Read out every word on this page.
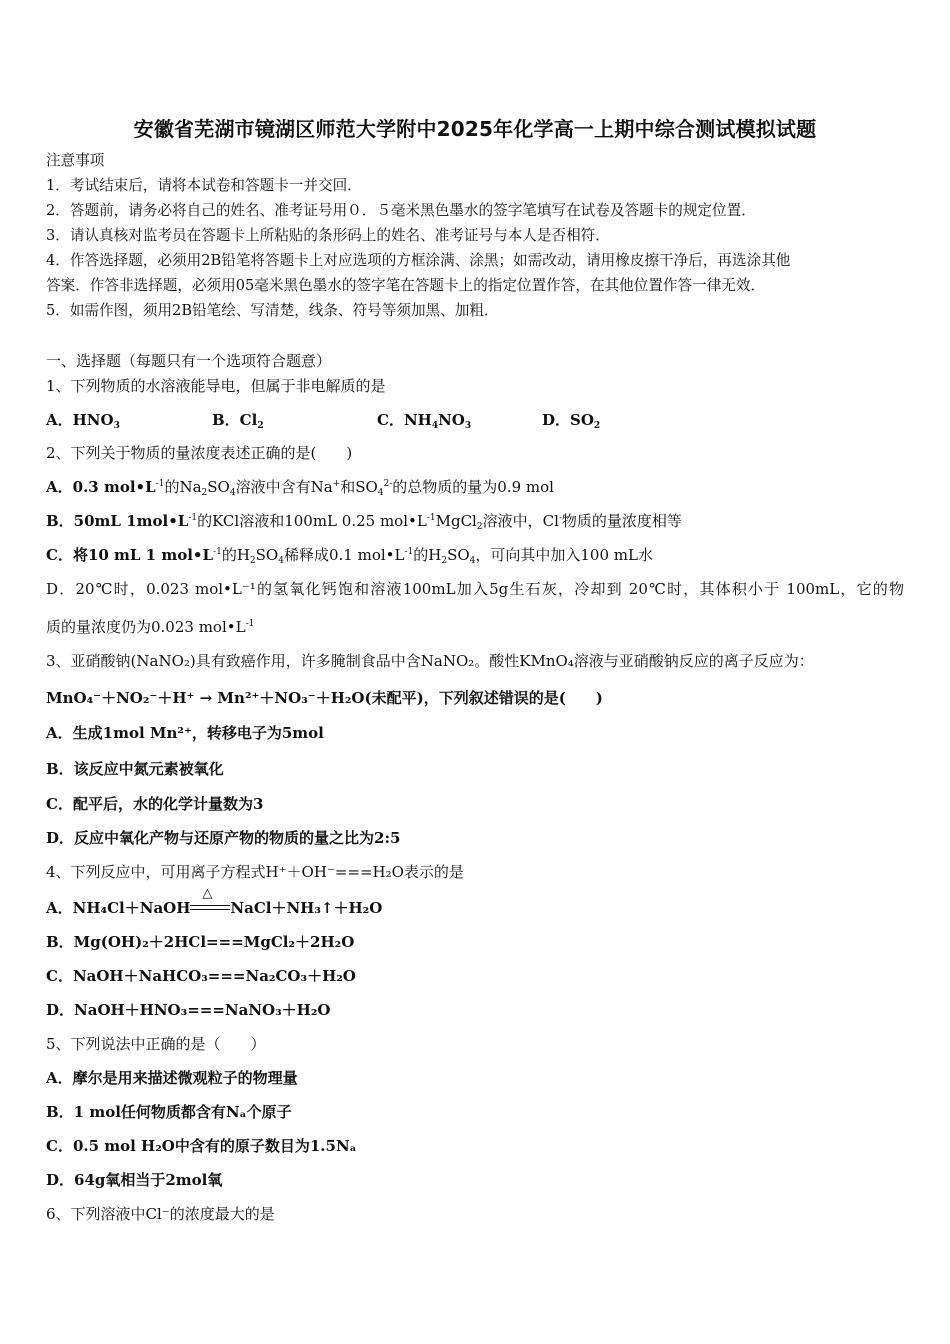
安徽省芜湖市镜湖区师范大学附中2025年化学高一上期中综合测试模拟试题
注意事项
1．考试结束后，请将本试卷和答题卡一并交回．
2．答题前，请务必将自己的姓名、准考证号用０．５毫米黑色墨水的签字笔填写在试卷及答题卡的规定位置．
3．请认真核对监考员在答题卡上所粘贴的条形码上的姓名、准考证号与本人是否相符．
4．作答选择题，必须用2B铅笔将答题卡上对应选项的方框涂满、涂黑；如需改动，请用橡皮擦干净后，再选涂其他
答案．作答非选择题，必须用05毫米黑色墨水的签字笔在答题卡上的指定位置作答，在其他位置作答一律无效．
5．如需作图，须用2B铅笔绘、写清楚，线条、符号等须加黑、加粗．
一、选择题（每题只有一个选项符合题意）
1、下列物质的水溶液能导电，但属于非电解质的是
A．$HNO_3$	B．$Cl_2$	C．$NH_4NO_3$	D．$SO_2$
2、下列关于物质的量浓度表述正确的是(　　)
A．0.3 $mol•L^{-1}$的$Na_2SO_4$溶液中含有Na+和$SO_4^{2-}$的总物质的量为0.9 mol
B．50mL $1mol•L^{-1}$的KCl溶液和100mL 0.25 $mol•L^{-1}MgCl_2$溶液中，Cl-物质的量浓度相等
C．将10 mL 1 $mol•L^{-1}$的$H_2SO_4$稀释成0.1 $mol•L^{-1}$的$H_2SO_4$，可向其中加入100 mL水
D．20℃时，0.023 mol•L⁻¹的氢氧化钙饱和溶液100mL加入5g生石灰，冷却到 20℃时，其体积小于 100mL，它的物
质的量浓度仍为0.023 $mol•L^{-1}$
3、亚硝酸钠(NaNO₂)具有致癌作用，许多腌制食品中含NaNO₂。酸性KMnO₄溶液与亚硝酸钠反应的离子反应为：
MnO₄⁻＋NO₂⁻＋H⁺ → Mn²⁺＋NO₃⁻＋H₂O(未配平)，下列叙述错误的是(　　)
A．生成1mol Mn²⁺，转移电子为5mol
B．该反应中氮元素被氧化
C．配平后，水的化学计量数为3
D．反应中氧化产物与还原产物的物质的量之比为2:5
4、下列反应中，可用离子方程式H⁺＋OH⁻===H₂O表示的是
A．NH₄Cl＋NaOH
△
NaCl＋NH₃↑＋H₂O
B．Mg(OH)₂＋2HCl===MgCl₂＋2H₂O
C．NaOH＋NaHCO₃===Na₂CO₃＋H₂O
D．NaOH＋HNO₃===NaNO₃＋H₂O
5、下列说法中正确的是（　　）
A．摩尔是用来描述微观粒子的物理量
B．1 mol任何物质都含有Nₐ个原子
C．0.5 mol H₂O中含有的原子数目为1.5Nₐ
D．64g氧相当于2mol氧
6、下列溶液中Cl⁻的浓度最大的是
